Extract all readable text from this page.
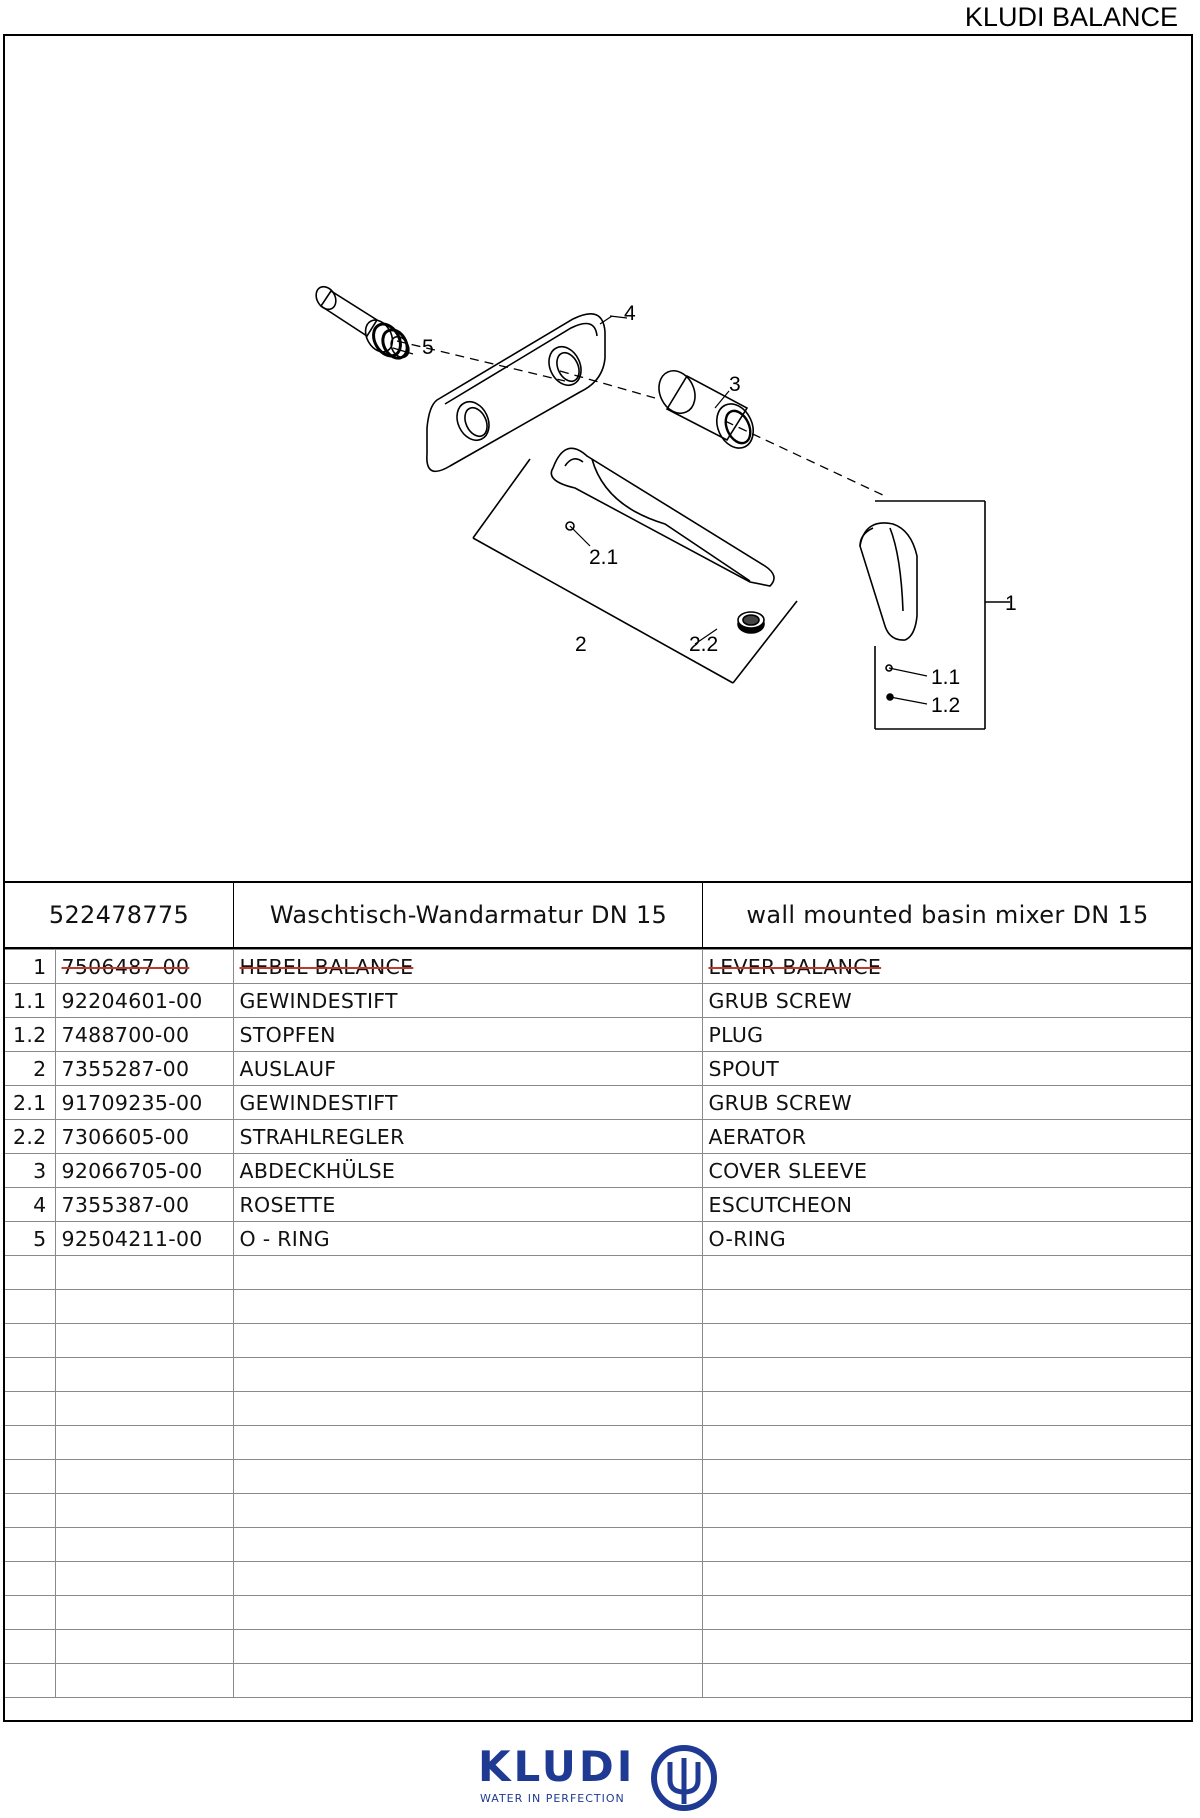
KLUDI BALANCE
5
4
3
2.1
2	2.2
1
1.1
1.2
522478775	Waschtisch-Wandarmatur DN 15	wall mounted basin mixer DN 15
1	7506487-00	HEBEL BALANCE	LEVER BALANCE
1.1	92204601-00	GEWINDESTIFT	GRUB SCREW
1.2	7488700-00	STOPFEN	PLUG
2	7355287-00	AUSLAUF	SPOUT
2.1	91709235-00	GEWINDESTIFT	GRUB SCREW
2.2	7306605-00	STRAHLREGLER	AERATOR
3	92066705-00	ABDECKHÜLSE	COVER SLEEVE
4	7355387-00	ROSETTE	ESCUTCHEON
5	92504211-00	O - RING	O-RING

KLUDI
WATER IN PERFECTION
